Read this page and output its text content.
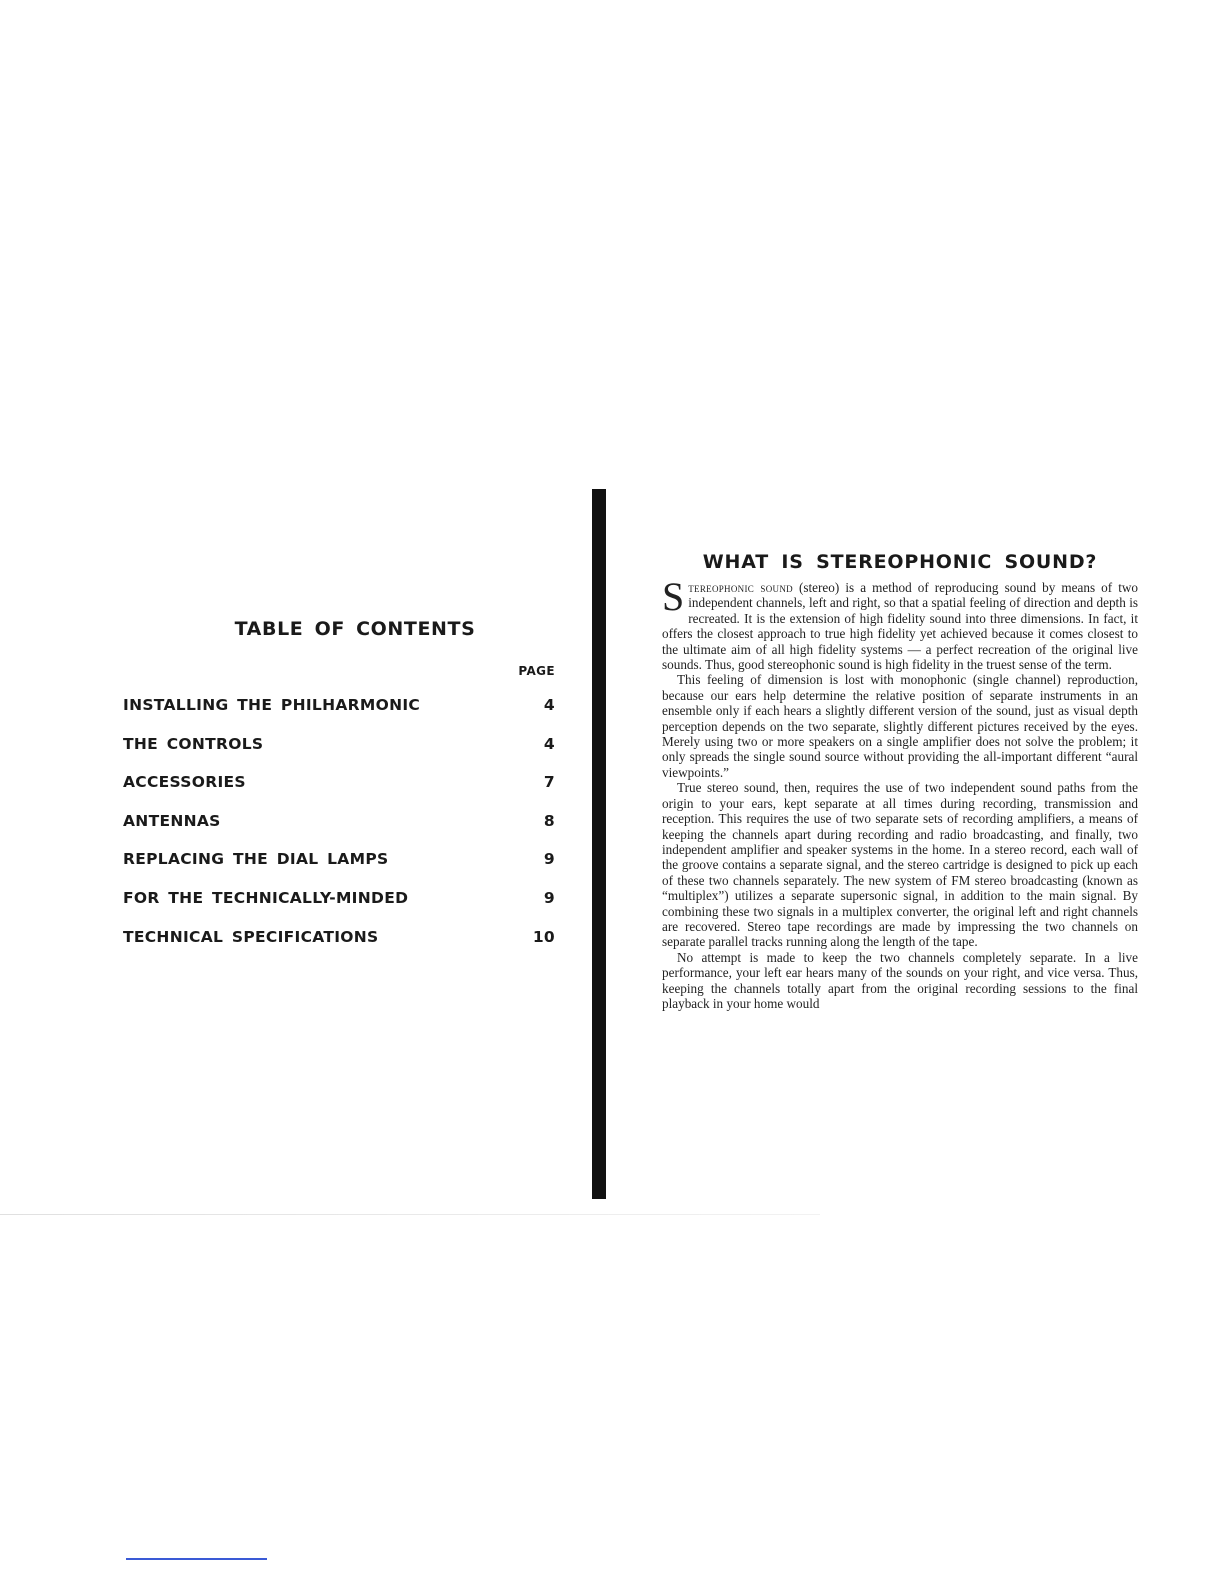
TABLE OF CONTENTS
PAGE
INSTALLING THE PHILHARMONIC	4
THE CONTROLS	4
ACCESSORIES	7
ANTENNAS	8
REPLACING THE DIAL LAMPS	9
FOR THE TECHNICALLY-MINDED	9
TECHNICAL SPECIFICATIONS	10
WHAT IS STEREOPHONIC SOUND?

Stereophonic sound (stereo) is a method of reproducing sound by means of two independent channels, left and right, so that a spatial feeling of direction and depth is recreated. It is the extension of high fidelity sound into three dimensions. In fact, it offers the closest approach to true high fidelity yet achieved because it comes closest to the ultimate aim of all high fidelity systems — a perfect recreation of the original live sounds. Thus, good stereophonic sound is high fidelity in the truest sense of the term.

This feeling of dimension is lost with monophonic (single channel) reproduction, because our ears help determine the relative position of separate instruments in an ensemble only if each hears a slightly different version of the sound, just as visual depth perception depends on the two separate, slightly different pictures received by the eyes. Merely using two or more speakers on a single amplifier does not solve the problem; it only spreads the single sound source without providing the all-important different “aural viewpoints.”

True stereo sound, then, requires the use of two independent sound paths from the origin to your ears, kept separate at all times during recording, transmission and reception. This requires the use of two separate sets of recording amplifiers, a means of keeping the channels apart during recording and radio broadcasting, and finally, two independent amplifier and speaker systems in the home. In a stereo record, each wall of the groove contains a separate signal, and the stereo cartridge is designed to pick up each of these two channels separately. The new system of FM stereo broadcasting (known as “multiplex”) utilizes a separate supersonic signal, in addition to the main signal. By combining these two signals in a multiplex converter, the original left and right channels are recovered. Stereo tape recordings are made by impressing the two channels on separate parallel tracks running along the length of the tape.

No attempt is made to keep the two channels completely separate. In a live performance, your left ear hears many of the sounds on your right, and vice versa. Thus, keeping the channels totally apart from the original recording sessions to the final playback in your home would
